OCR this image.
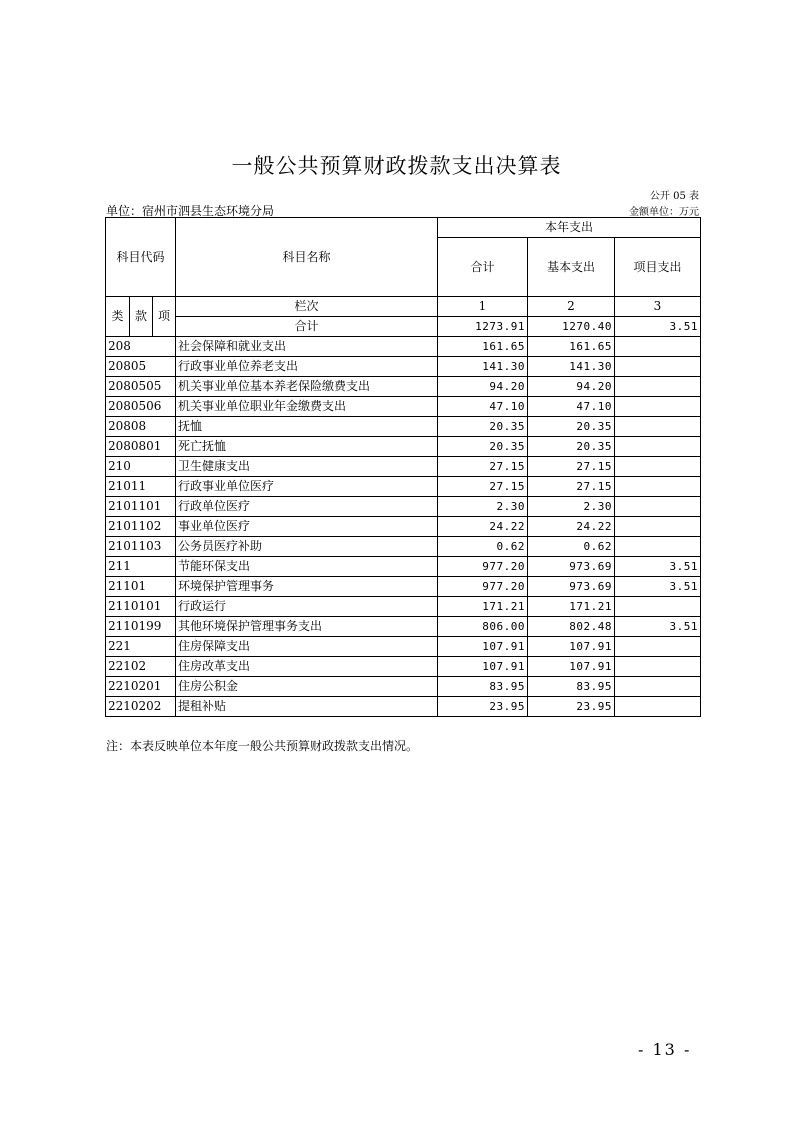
一般公共预算财政拨款支出决算表
公开 05 表
单位：宿州市泗县生态环境分局	金额单位：万元
科目代码			科目名称	本年支出		
				合计	基本支出	项目支出

类	款	项	栏次	1	2	3
			合计	1273.91	1270.40	3.51
208			社会保障和就业支出	161.65	161.65	
20805			行政事业单位养老支出	141.30	141.30	
2080505			机关事业单位基本养老保险缴费支出	94.20	94.20	
2080506			机关事业单位职业年金缴费支出	47.10	47.10	
20808			抚恤	20.35	20.35	
2080801			死亡抚恤	20.35	20.35	
210			卫生健康支出	27.15	27.15	
21011			行政事业单位医疗	27.15	27.15	
2101101			行政单位医疗	2.30	2.30	
2101102			事业单位医疗	24.22	24.22	
2101103			公务员医疗补助	0.62	0.62	
211			节能环保支出	977.20	973.69	3.51
21101			环境保护管理事务	977.20	973.69	3.51
2110101			行政运行	171.21	171.21	
2110199			其他环境保护管理事务支出	806.00	802.48	3.51
221			住房保障支出	107.91	107.91	
22102			住房改革支出	107.91	107.91	
2210201			住房公积金	83.95	83.95	
2210202			提租补贴	23.95	23.95	
注：本表反映单位本年度一般公共预算财政拨款支出情况。
- 13 -
